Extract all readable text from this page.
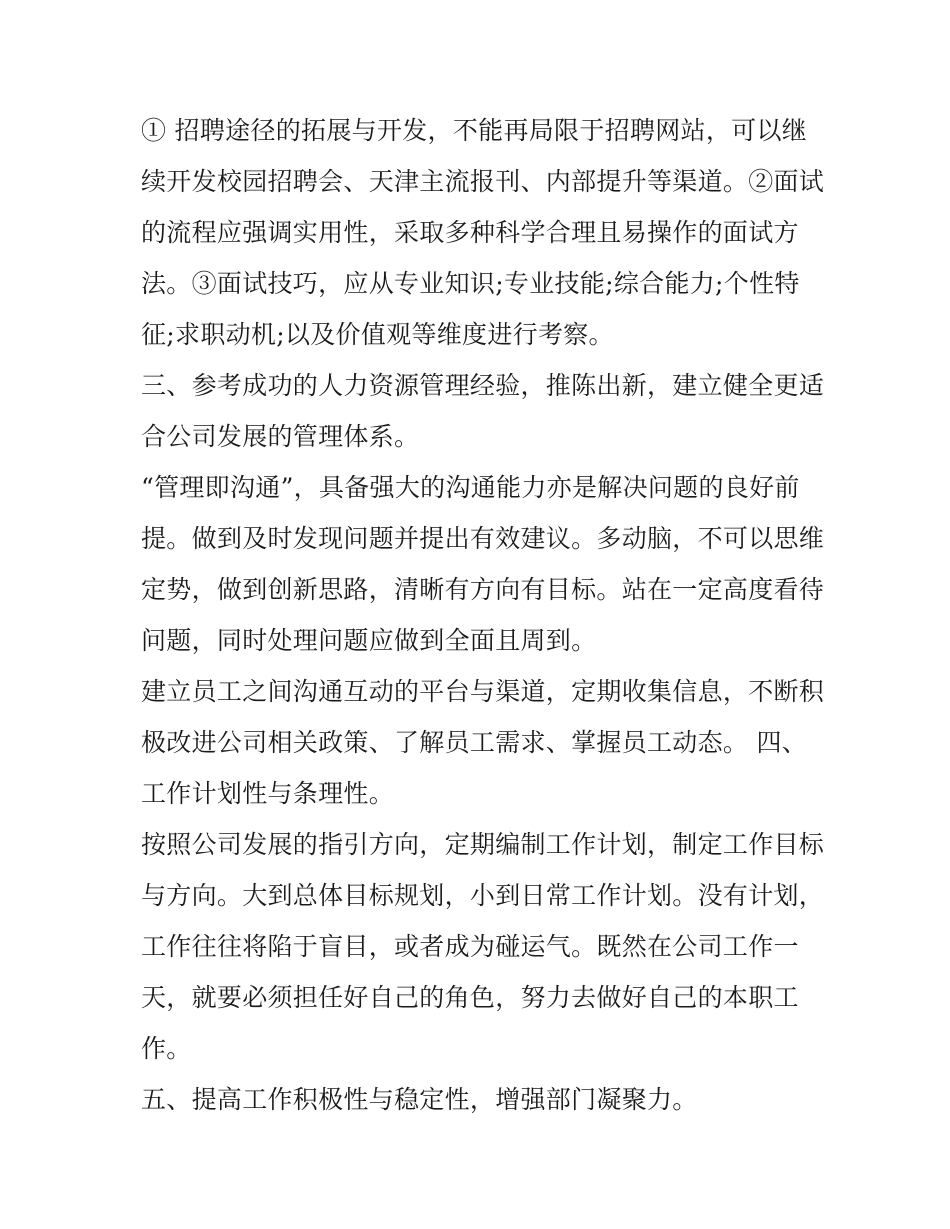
① 招聘途径的拓展与开发，不能再局限于招聘网站，可以继
续开发校园招聘会、天津主流报刊、内部提升等渠道。②面试
的流程应强调实用性，采取多种科学合理且易操作的面试方
法。③面试技巧，应从专业知识;专业技能;综合能力;个性特
征;求职动机;以及价值观等维度进行考察。
三、参考成功的人力资源管理经验，推陈出新，建立健全更适
合公司发展的管理体系。
“管理即沟通”，具备强大的沟通能力亦是解决问题的良好前
提。做到及时发现问题并提出有效建议。多动脑，不可以思维
定势，做到创新思路，清晰有方向有目标。站在一定高度看待
问题，同时处理问题应做到全面且周到。
建立员工之间沟通互动的平台与渠道，定期收集信息，不断积
极改进公司相关政策、了解员工需求、掌握员工动态。 四、
工作计划性与条理性。
按照公司发展的指引方向，定期编制工作计划，制定工作目标
与方向。大到总体目标规划，小到日常工作计划。没有计划，
工作往往将陷于盲目，或者成为碰运气。既然在公司工作一
天，就要必须担任好自己的角色，努力去做好自己的本职工
作。
五、提高工作积极性与稳定性，增强部门凝聚力。
